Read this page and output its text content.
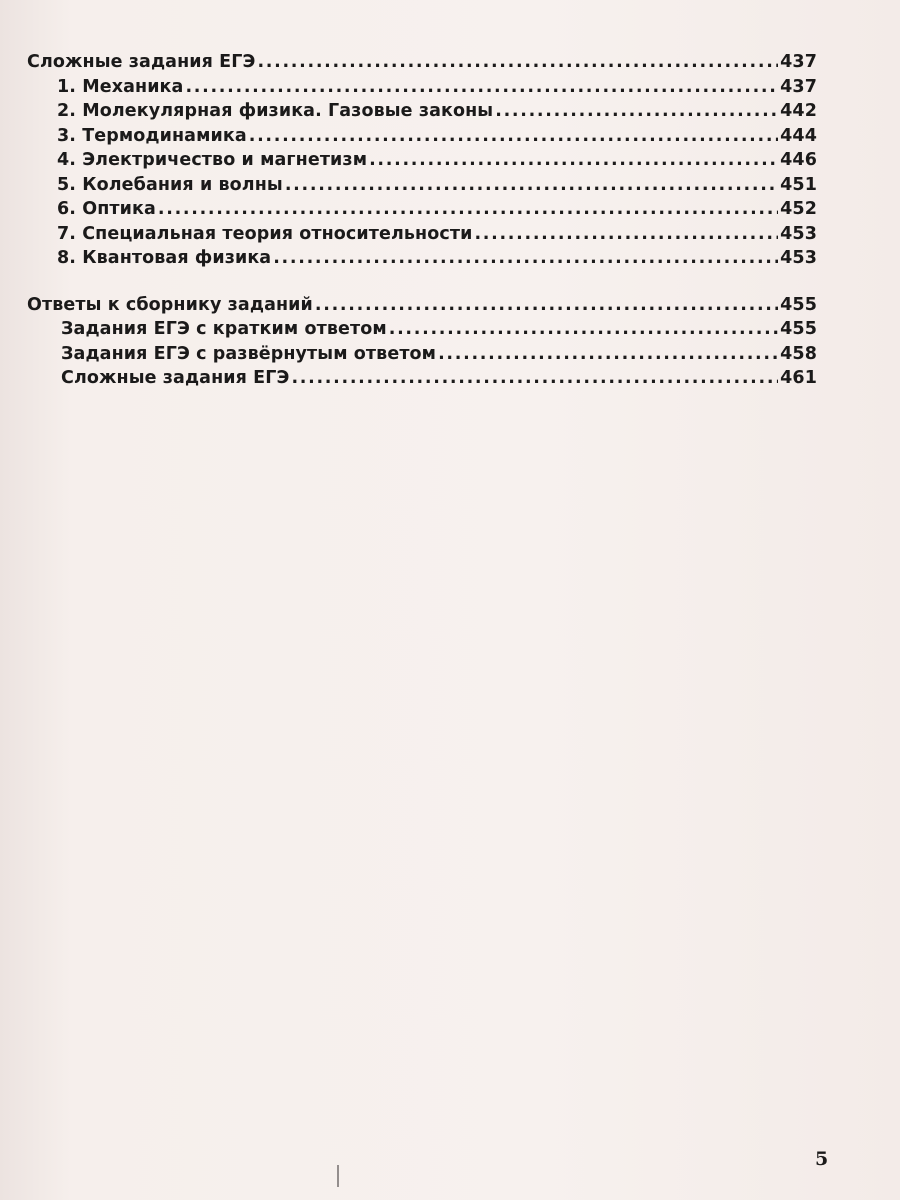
Сложные задания ЕГЭ . . .	437
1. Механика . . .	437
2. Молекулярная физика. Газовые законы . . .	442
3. Термодинамика . . .	444
4. Электричество и магнетизм . . .	446
5. Колебания и волны . . .	451
6. Оптика . . .	452
7. Специальная теория относительности . . .	453
8. Квантовая физика . . .	453
Ответы к сборнику заданий . . .	455
Задания ЕГЭ с кратким ответом . . .	455
Задания ЕГЭ с развёрнутым ответом . . .	458
Сложные задания ЕГЭ . . .	461
5
